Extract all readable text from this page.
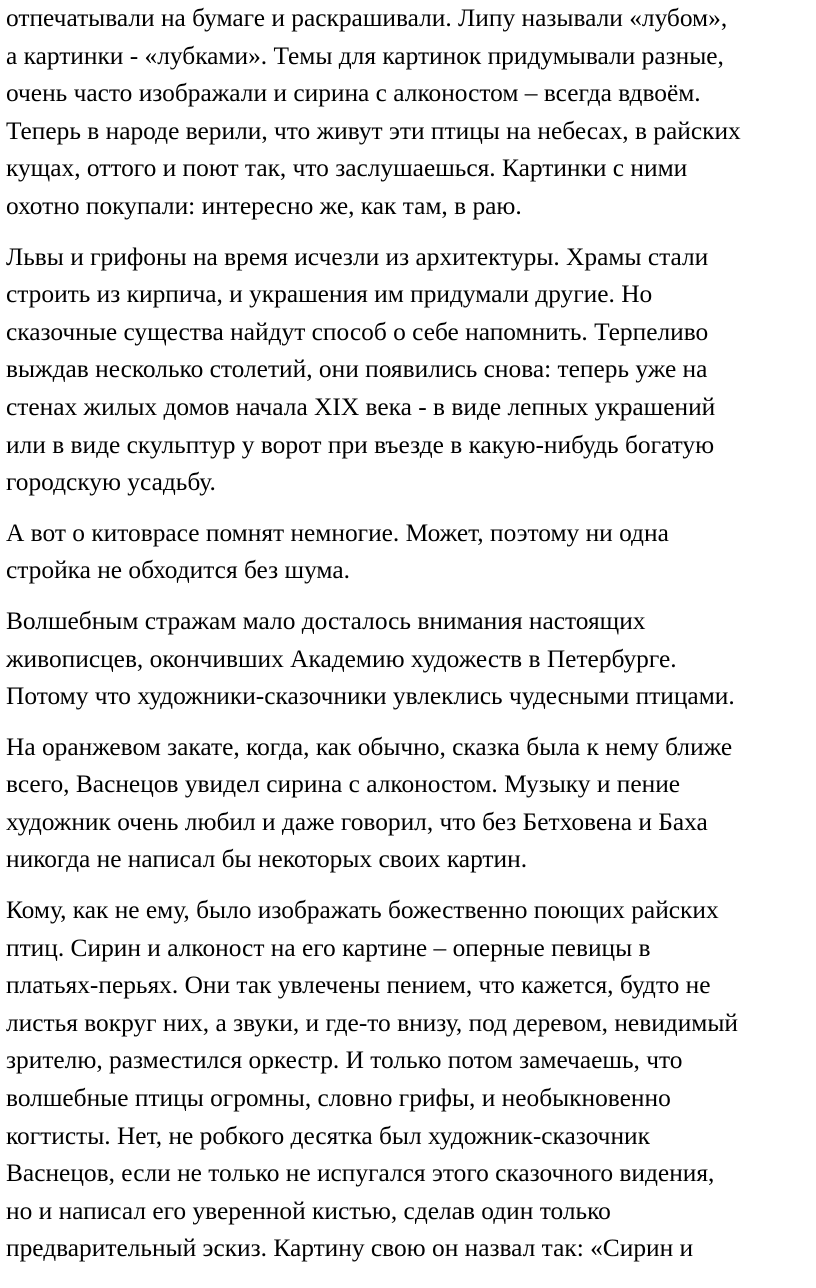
отпечатывали на бумаге и раскрашивали. Липу называли «лубом»,
а картинки - «лубками». Темы для картинок придумывали разные,
очень часто изображали и сирина с алконостом – всегда вдвоём.
Теперь в народе верили, что живут эти птицы на небесах, в райских
кущах, оттого и поют так, что заслушаешься. Картинки с ними
охотно покупали: интересно же, как там, в раю.

Львы и грифоны на время исчезли из архитектуры. Храмы стали
строить из кирпича, и украшения им придумали другие. Но
сказочные существа найдут способ о себе напомнить. Терпеливо
выждав несколько столетий, они появились снова: теперь уже на
стенах жилых домов начала XIX века - в виде лепных украшений
или в виде скульптур у ворот при въезде в какую-нибудь богатую
городскую усадьбу.

А вот о китоврасе помнят немногие. Может, поэтому ни одна
стройка не обходится без шума.

Волшебным стражам мало досталось внимания настоящих
живописцев, окончивших Академию художеств в Петербурге.
Потому что художники-сказочники увлеклись чудесными птицами.

На оранжевом закате, когда, как обычно, сказка была к нему ближе
всего, Васнецов увидел сирина с алконостом. Музыку и пение
художник очень любил и даже говорил, что без Бетховена и Баха
никогда не написал бы некоторых своих картин.

Кому, как не ему, было изображать божественно поющих райских
птиц. Сирин и алконост на его картине – оперные певицы в
платьях-перьях. Они так увлечены пением, что кажется, будто не
листья вокруг них, а звуки, и где-то внизу, под деревом, невидимый
зрителю, разместился оркестр. И только потом замечаешь, что
волшебные птицы огромны, словно грифы, и необыкновенно
когтисты. Нет, не робкого десятка был художник-сказочник
Васнецов, если не только не испугался этого сказочного видения,
но и написал его уверенной кистью, сделав один только
предварительный эскиз. Картину свою он назвал так: «Сирин и
